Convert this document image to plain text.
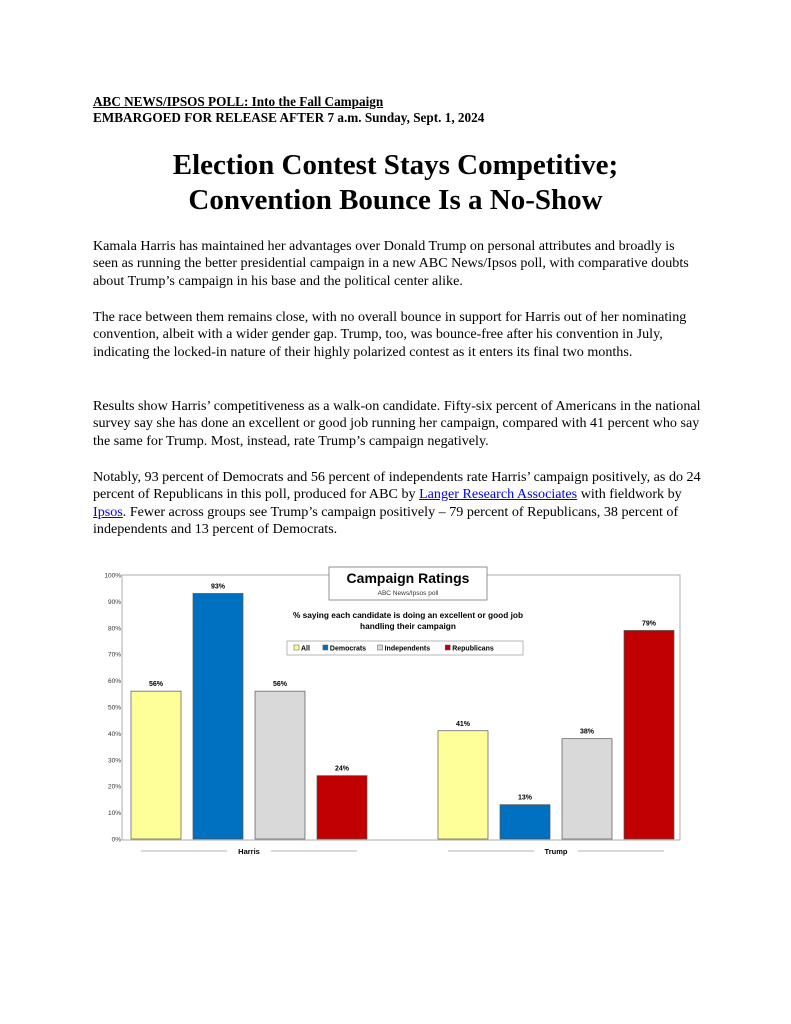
ABC NEWS/IPSOS POLL: Into the Fall Campaign
EMBARGOED FOR RELEASE AFTER 7 a.m. Sunday, Sept. 1, 2024
Election Contest Stays Competitive;
Convention Bounce Is a No-Show

Kamala Harris has maintained her advantages over Donald Trump on personal attributes and broadly is seen as running the better presidential campaign in a new ABC News/Ipsos poll, with comparative doubts about Trump’s campaign in his base and the political center alike.

The race between them remains close, with no overall bounce in support for Harris out of her nominating convention, albeit with a wider gender gap. Trump, too, was bounce-free after his convention in July, indicating the locked-in nature of their highly polarized contest as it enters its final two months.

Results show Harris’ competitiveness as a walk-on candidate. Fifty-six percent of Americans in the national survey say she has done an excellent or good job running her campaign, compared with 41 percent who say the same for Trump. Most, instead, rate Trump’s campaign negatively.

Notably, 93 percent of Democrats and 56 percent of independents rate Harris’ campaign positively, as do 24 percent of Republicans in this poll, produced for ABC by Langer Research Associates with fieldwork by Ipsos. Fewer across groups see Trump’s campaign positively – 79 percent of Republicans, 38 percent of independents and 13 percent of Democrats.

0%
10%
20%
30%
40%
50%
60%
70%
80%
90%
100%
56%
93%
56%
24%
41%
13%
38%
79%
Harris	Trump
Campaign Ratings
ABC News/Ipsos poll
% saying each candidate is doing an excellent or good job
handling their campaign
All	Democrats	Independents	Republicans
